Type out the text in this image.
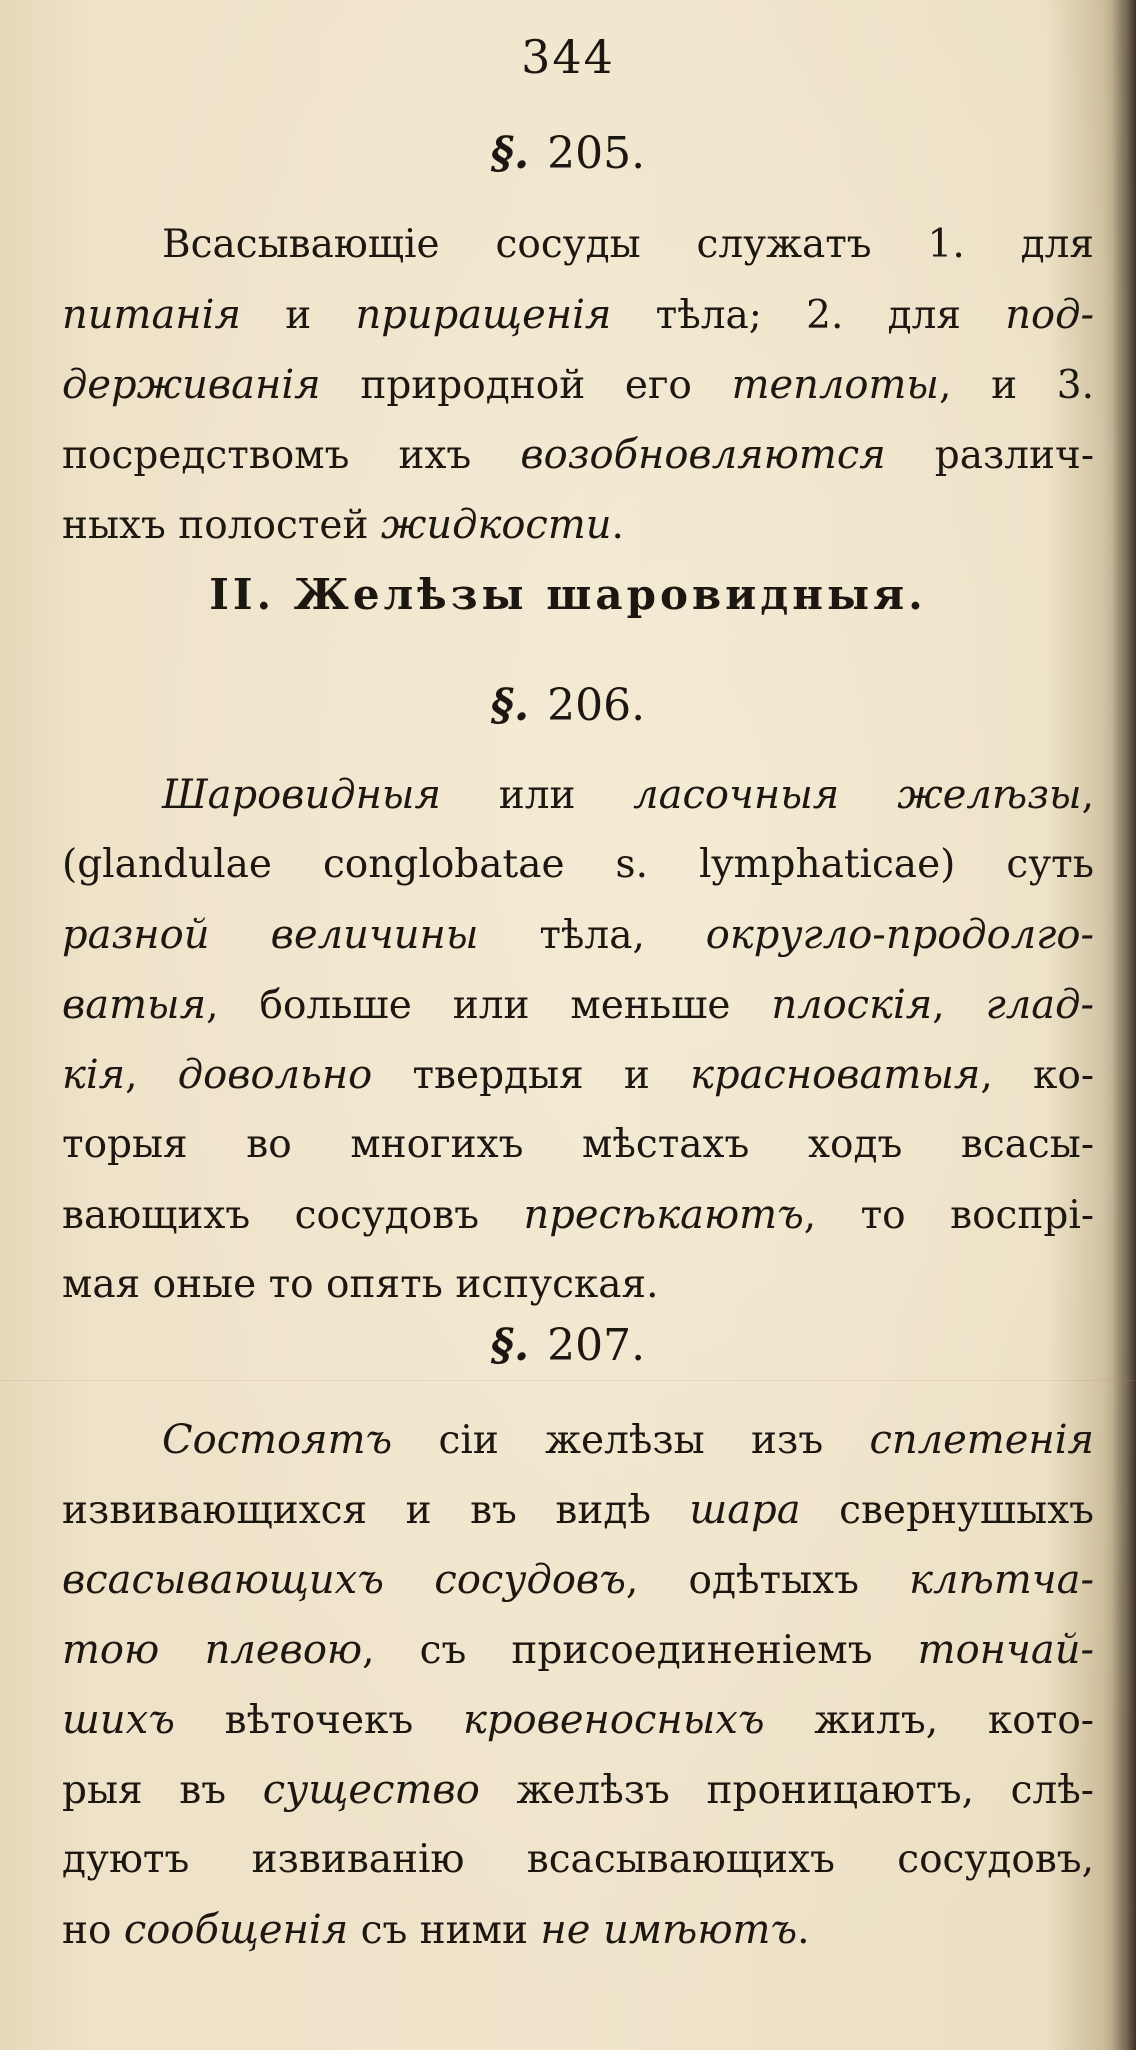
344
§. 205.
Всасывающіе сосуды служатъ 1. для
питанія и приращенія тѣла; 2. для под-
держиванія природной его теплоты, и 3.
посредствомъ ихъ возобновляются различ-
ныхъ полостей жидкости.
II. Желѣзы шаровидныя.
§. 206.
Шаровидныя или ласочныя желѣзы,
(glandulae conglobatae s. lymphaticae) суть
разной величины тѣла, округло-продолго-
ватыя, больше или меньше плоскія, глад-
кія, довольно твердыя и красноватыя, ко-
торыя во многихъ мѣстахъ ходъ всасы-
вающихъ сосудовъ пресѣкаютъ, то воспрі-
мая оные то опять испуская.
§. 207.
Состоятъ сіи желѣзы изъ сплетенія
извивающихся и въ видѣ шара свернушыхъ
всасывающихъ сосудовъ, одѣтыхъ клѣтча-
тою плевою, съ присоединеніемъ тончай-
шихъ вѣточекъ кровеносныхъ жилъ, кото-
рыя въ существо желѣзъ проницаютъ, слѣ-
дуютъ извиванію всасывающихъ сосудовъ,
но сообщенія съ ними не имѣютъ.
